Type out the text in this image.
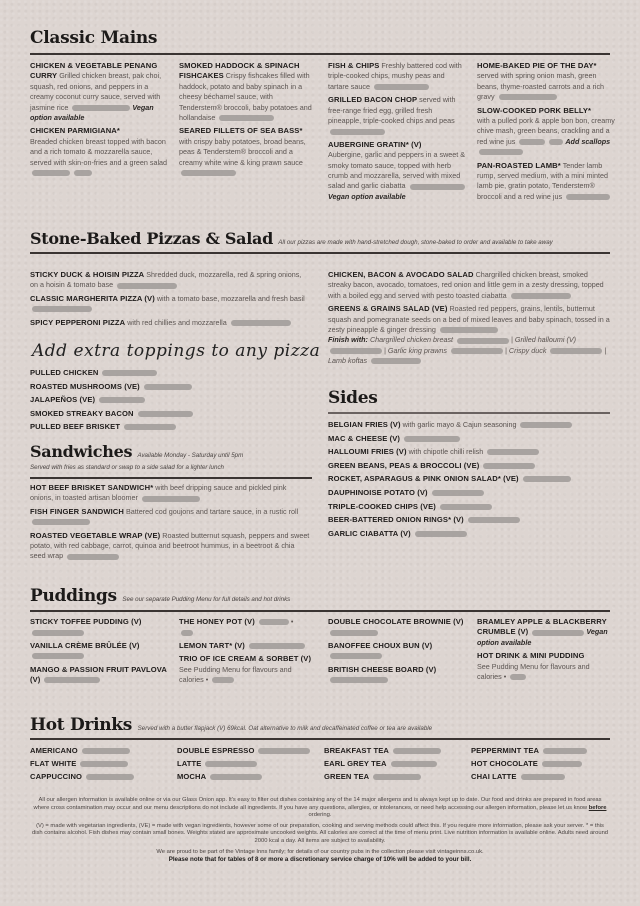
Classic Mains
CHICKEN & VEGETABLE PENANG CURRY Grilled chicken breast, pak choi, squash, red onions, and peppers in a creamy coconut curry sauce, served with jasmine rice	Vegan option available
CHICKEN PARMIGIANA*
Breaded chicken breast topped with bacon and a rich tomato & mozzarella sauce, served with skin-on-fries and a green salad
SMOKED HADDOCK & SPINACH FISHCAKES Crispy fishcakes filled with haddock, potato and baby spinach in a cheesy béchamel sauce, with Tenderstem® broccoli, baby potatoes and hollandaise
SEARED FILLETS OF SEA BASS* with crispy baby potatoes, broad beans, peas & Tenderstem® broccoli and a creamy white wine & king prawn sauce
FISH & CHIPS Freshly battered cod with triple-cooked chips, mushy peas and tartare sauce
GRILLED BACON CHOP served with free-range fried egg, grilled fresh pineapple, triple-cooked chips and peas
AUBERGINE GRATIN* (V)
Aubergine, garlic and peppers in a sweet & smoky tomato sauce, topped with herb crumb and mozzarella, served with mixed salad and garlic ciabatta  Vegan option available
HOME-BAKED PIE OF THE DAY*
served with spring onion mash, green beans, thyme-roasted carrots and a rich gravy
SLOW-COOKED PORK BELLY*
with a pulled pork & apple bon bon, creamy chive mash, green beans, crackling and a red wine jus	Add scallops
PAN-ROASTED LAMB* Tender lamb rump, served medium, with a mini minted lamb pie, gratin potato, Tenderstem® broccoli and a red wine jus
Stone-Baked Pizzas & Salad All our pizzas are made with hand-stretched dough, stone-baked to order and available to take away
STICKY DUCK & HOISIN PIZZA Shredded duck, mozzarella, red & spring onions, on a hoisin & tomato base
CLASSIC MARGHERITA PIZZA (V) with a tomato base, mozzarella and fresh basil
SPICY PEPPERONI PIZZA with red chillies and mozzarella
Add extra toppings to any pizza
PULLED CHICKEN
ROASTED MUSHROOMS (VE)
JALAPEÑOS (VE)
SMOKED STREAKY BACON
PULLED BEEF BRISKET
CHICKEN, BACON & AVOCADO SALAD Chargrilled chicken breast, smoked streaky bacon, avocado, tomatoes, red onion and little gem in a zesty dressing, topped with a boiled egg and served with pesto toasted ciabatta
GREENS & GRAINS SALAD (VE) Roasted red peppers, grains, lentils, butternut squash and pomegranate seeds on a bed of mixed leaves and baby spinach, tossed in a zesty pineapple & ginger dressing
Finish with: Chargrilled chicken breast	| Grilled halloumi (V)  | Garlic king prawns	| Crispy duck	| Lamb koftas
Sides
BELGIAN FRIES (V) with garlic mayo & Cajun seasoning
MAC & CHEESE (V)
HALLOUMI FRIES (V) with chipotle chilli relish
GREEN BEANS, PEAS & BROCCOLI (VE)
ROCKET, ASPARAGUS & PINK ONION SALAD* (VE)
DAUPHINOISE POTATO (V)
TRIPLE-COOKED CHIPS (VE)
BEER-BATTERED ONION RINGS* (V)
GARLIC CIABATTA (V)
Sandwiches Available Monday - Saturday until 5pm
Served with fries as standard or swap to a side salad for a lighter lunch
HOT BEEF BRISKET SANDWICH* with beef dripping sauce and pickled pink onions, in toasted artisan bloomer
FISH FINGER SANDWICH Battered cod goujons and tartare sauce, in a rustic roll
ROASTED VEGETABLE WRAP (VE) Roasted butternut squash, peppers and sweet potato, with red cabbage, carrot, quinoa and beetroot hummus, in a beetroot & chia seed wrap
Puddings See our separate Pudding Menu for full details and hot drinks
STICKY TOFFEE PUDDING (V)

VANILLA CRÈME BRÛLÉE (V)

MANGO & PASSION FRUIT PAVLOVA (V)
THE HONEY POT (V)	•

LEMON TART* (V)
TRIO OF ICE CREAM & SORBET (V) See Pudding Menu for flavours and calories •
DOUBLE CHOCOLATE BROWNIE (V)
BANOFFEE CHOUX BUN (V)

BRITISH CHEESE BOARD (V)

BRAMLEY APPLE & BLACKBERRY CRUMBLE (V)	Vegan option available
HOT DRINK & MINI PUDDING
See Pudding Menu for flavours and calories •
Hot Drinks Served with a butter flapjack (V) 69kcal. Oat alternative to milk and decaffeinated coffee or tea are available
AMERICANO
FLAT WHITE
CAPPUCCINO
DOUBLE ESPRESSO
LATTE
MOCHA
BREAKFAST TEA
EARL GREY TEA
GREEN TEA
PEPPERMINT TEA
HOT CHOCOLATE
CHAI LATTE

All our allergen information is available online or via our Glass Onion app. It's easy to filter out dishes containing any of the 14 major allergens and is always kept up to date. Our food and drinks are prepared in food areas where cross contamination may occur and our menu descriptions do not include all ingredients. If you have any questions, allergies, or intolerances, or need help accessing our allergen information, please let us know before ordering.

(V) = made with vegetarian ingredients, (VE) = made with vegan ingredients, however some of our preparation, cooking and serving methods could affect this. If you require more information, please ask your server. * = this dish contains alcohol. Fish dishes may contain small bones. Weights stated are approximate uncooked weights. All calories are correct at the time of menu print. Live nutrition information is available online. Adults need around 2000 kcal a day. All items are subject to availability.

We are proud to be part of the Vintage Inns family; for details of our country pubs in the collection please visit vintageinns.co.uk.

Please note that for tables of 8 or more a discretionary service charge of 10% will be added to your bill.
